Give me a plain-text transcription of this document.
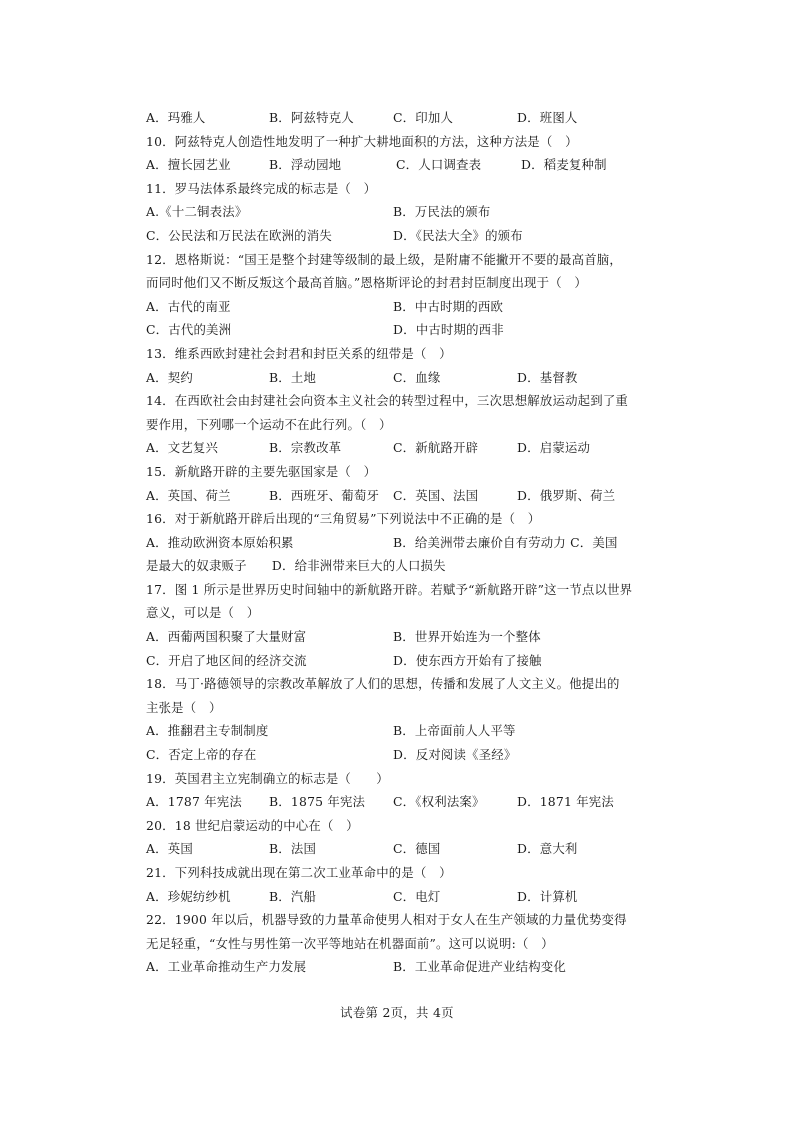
A．玛雅人	B．阿兹特克人	C．印加人	D．班图人
10．阿兹特克人创造性地发明了一种扩大耕地面积的方法，这种方法是（　）
A．擅长园艺业	B．浮动园地	C．人口调查表	D．稻麦复种制
11．罗马法体系最终完成的标志是（　）
A.《十二铜表法》	B．万民法的颁布
C．公民法和万民法在欧洲的消失	D．《民法大全》的颁布
12．恩格斯说：“国王是整个封建等级制的最上级，是附庸不能撇开不要的最高首脑，
而同时他们又不断反叛这个最高首脑。”恩格斯评论的封君封臣制度出现于（　）
A．古代的南亚	B．中古时期的西欧
C．古代的美洲	D．中古时期的西非
13．维系西欧封建社会封君和封臣关系的纽带是（　）
A．契约	B．土地	C．血缘	D．基督教
14．在西欧社会由封建社会向资本主义社会的转型过程中，三次思想解放运动起到了重
要作用，下列哪一个运动不在此行列。（　）
A．文艺复兴	B．宗教改革	C．新航路开辟	D．启蒙运动
15．新航路开辟的主要先驱国家是（　）
A．英国、荷兰	B．西班牙、葡萄牙 C．英国、法国	D．俄罗斯、荷兰
16．对于新航路开辟后出现的“三角贸易”下列说法中不正确的是（　）
A．推动欧洲资本原始积累	B．给美洲带去廉价自有劳动力 C．美国
是最大的奴隶贩子　　D．给非洲带来巨大的人口损失
17．图 1 所示是世界历史时间轴中的新航路开辟。若赋予“新航路开辟”这一节点以世界
意义，可以是（　）
A．西葡两国积聚了大量财富	B．世界开始连为一个整体
C．开启了地区间的经济交流	D．使东西方开始有了接触
18．马丁·路德领导的宗教改革解放了人们的思想，传播和发展了人文主义。他提出的
主张是（　）
A．推翻君主专制制度	B．上帝面前人人平等
C．否定上帝的存在	D．反对阅读《圣经》
19．英国君主立宪制确立的标志是（　　）
A．1787 年宪法 B．1875 年宪法 C．《权利法案》	D．1871 年宪法
20．18 世纪启蒙运动的中心在（　）
A．英国	B．法国	C．德国	D．意大利
21．下列科技成就出现在第二次工业革命中的是（　）
A．珍妮纺纱机	B．汽船	C．电灯	D．计算机
22．1900 年以后，机器导致的力量革命使男人相对于女人在生产领域的力量优势变得
无足轻重，“女性与男性第一次平等地站在机器面前”。这可以说明:（　）
A．工业革命推动生产力发展	B．工业革命促进产业结构变化
试卷第 2页，共 4页
